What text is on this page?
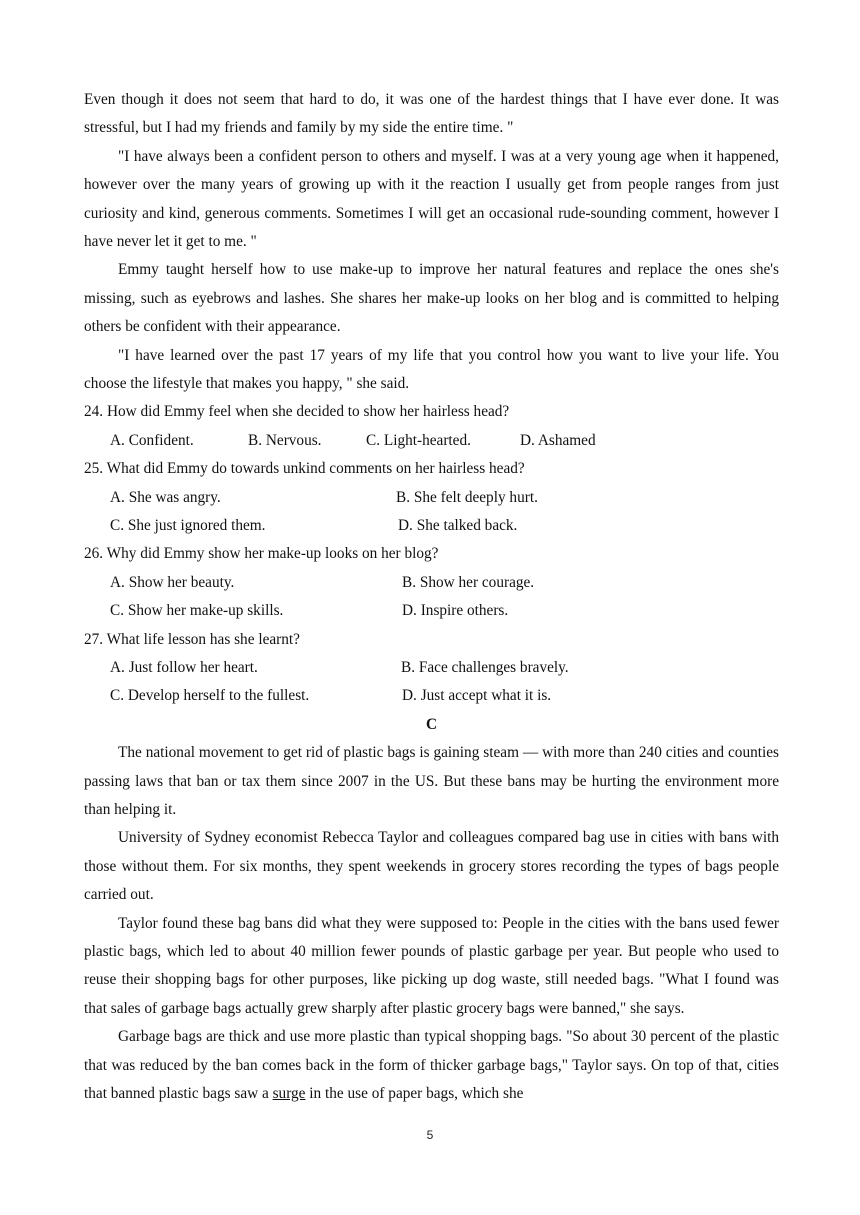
Even though it does not seem that hard to do, it was one of the hardest things that I have ever done. It was stressful, but I had my friends and family by my side the entire time. "

"I have always been a confident person to others and myself. I was at a very young age when it happened, however over the many years of growing up with it the reaction I usually get from people ranges from just curiosity and kind, generous comments. Sometimes I will get an occasional rude-sounding comment, however I have never let it get to me. "

Emmy taught herself how to use make-up to improve her natural features and replace the ones she's missing, such as eyebrows and lashes. She shares her make-up looks on her blog and is committed to helping others be confident with their appearance.

"I have learned over the past 17 years of my life that you control how you want to live your life. You choose the lifestyle that makes you happy, " she said.

24. How did Emmy feel when she decided to show her hairless head?
A. Confident.	B. Nervous.	C. Light-hearted.	D. Ashamed
25. What did Emmy do towards unkind comments on her hairless head?
A. She was angry.	B. She felt deeply hurt.
C. She just ignored them.	D. She talked back.
26. Why did Emmy show her make-up looks on her blog?
A. Show her beauty.	B. Show her courage.
C. Show her make-up skills.	D. Inspire others.
27. What life lesson has she learnt?
A. Just follow her heart.	B. Face challenges bravely.
C. Develop herself to the fullest.	D. Just accept what it is.
C

The national movement to get rid of plastic bags is gaining steam — with more than 240 cities and counties passing laws that ban or tax them since 2007 in the US. But these bans may be hurting the environment more than helping it.

University of Sydney economist Rebecca Taylor and colleagues compared bag use in cities with bans with those without them. For six months, they spent weekends in grocery stores recording the types of bags people carried out.

Taylor found these bag bans did what they were supposed to: People in the cities with the bans used fewer plastic bags, which led to about 40 million fewer pounds of plastic garbage per year. But people who used to reuse their shopping bags for other purposes, like picking up dog waste, still needed bags. "What I found was that sales of garbage bags actually grew sharply after plastic grocery bags were banned," she says.

Garbage bags are thick and use more plastic than typical shopping bags. "So about 30 percent of the plastic that was reduced by the ban comes back in the form of thicker garbage bags," Taylor says. On top of that, cities that banned plastic bags saw a surge in the use of paper bags, which she

5
